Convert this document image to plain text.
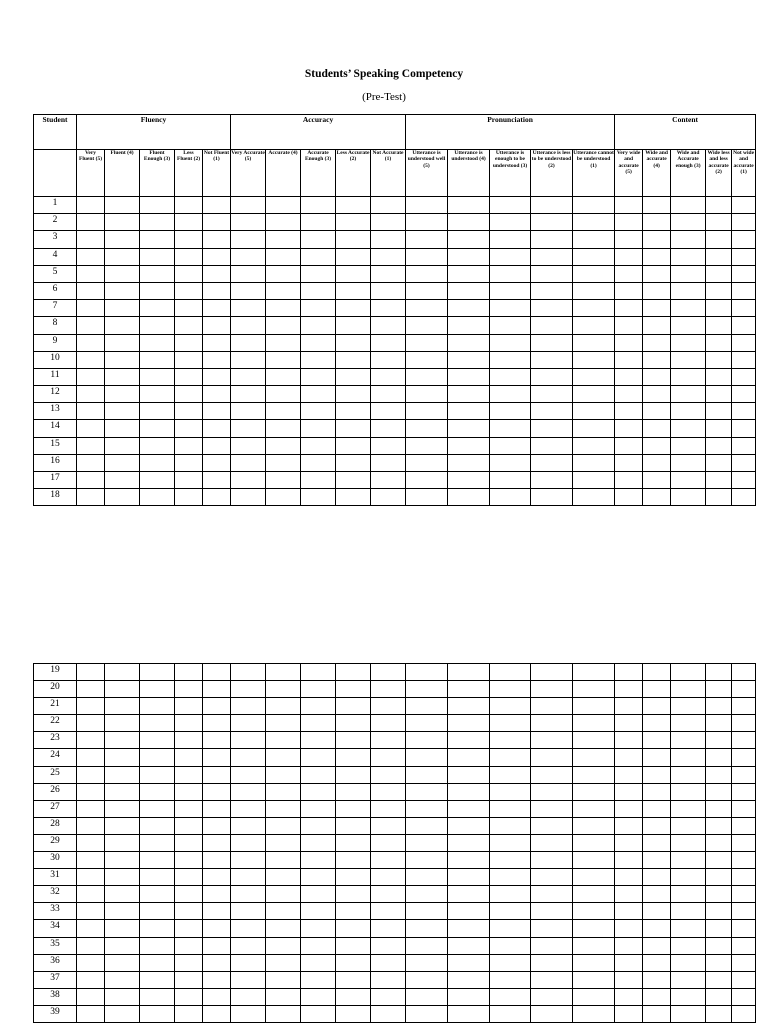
Students’ Speaking Competency
(Pre-Test)
Student	Fluency					Accuracy					Pronunciation					Content				
	Very Fluent (5)	Fluent (4)	Fluent Enough (3)	Less Fluent (2)	Not Fluent (1)	Very Accurate (5)	Accurate (4)	Accurate Enough (3)	Less Accurate (2)	Not Accurate (1)	Utterance is understood well (5)	Utterance is understood (4)	Utterance is enough to be understood (3)	Utterance is less to be understood (2)	Utterance cannot be understood (1)	Very wide and accurate (5)	Wide and accurate (4)	Wide and Accurate enough (3)	Wide less and less accurate (2)	Not wide and accurate (1)
1																				
2																				
3																				
4																				
5																				
6																				
7																				
8																				
9																				
10																				
11																				
12																				
13																				
14																				
15																				
16																				
17																				
18																				
19																				
20																				
21																				
22																				
23																				
24																				
25																				
26																				
27																				
28																				
29																				
30																				
31																				
32																				
33																				
34																				
35																				
36																				
37																				
38																				
39																				
